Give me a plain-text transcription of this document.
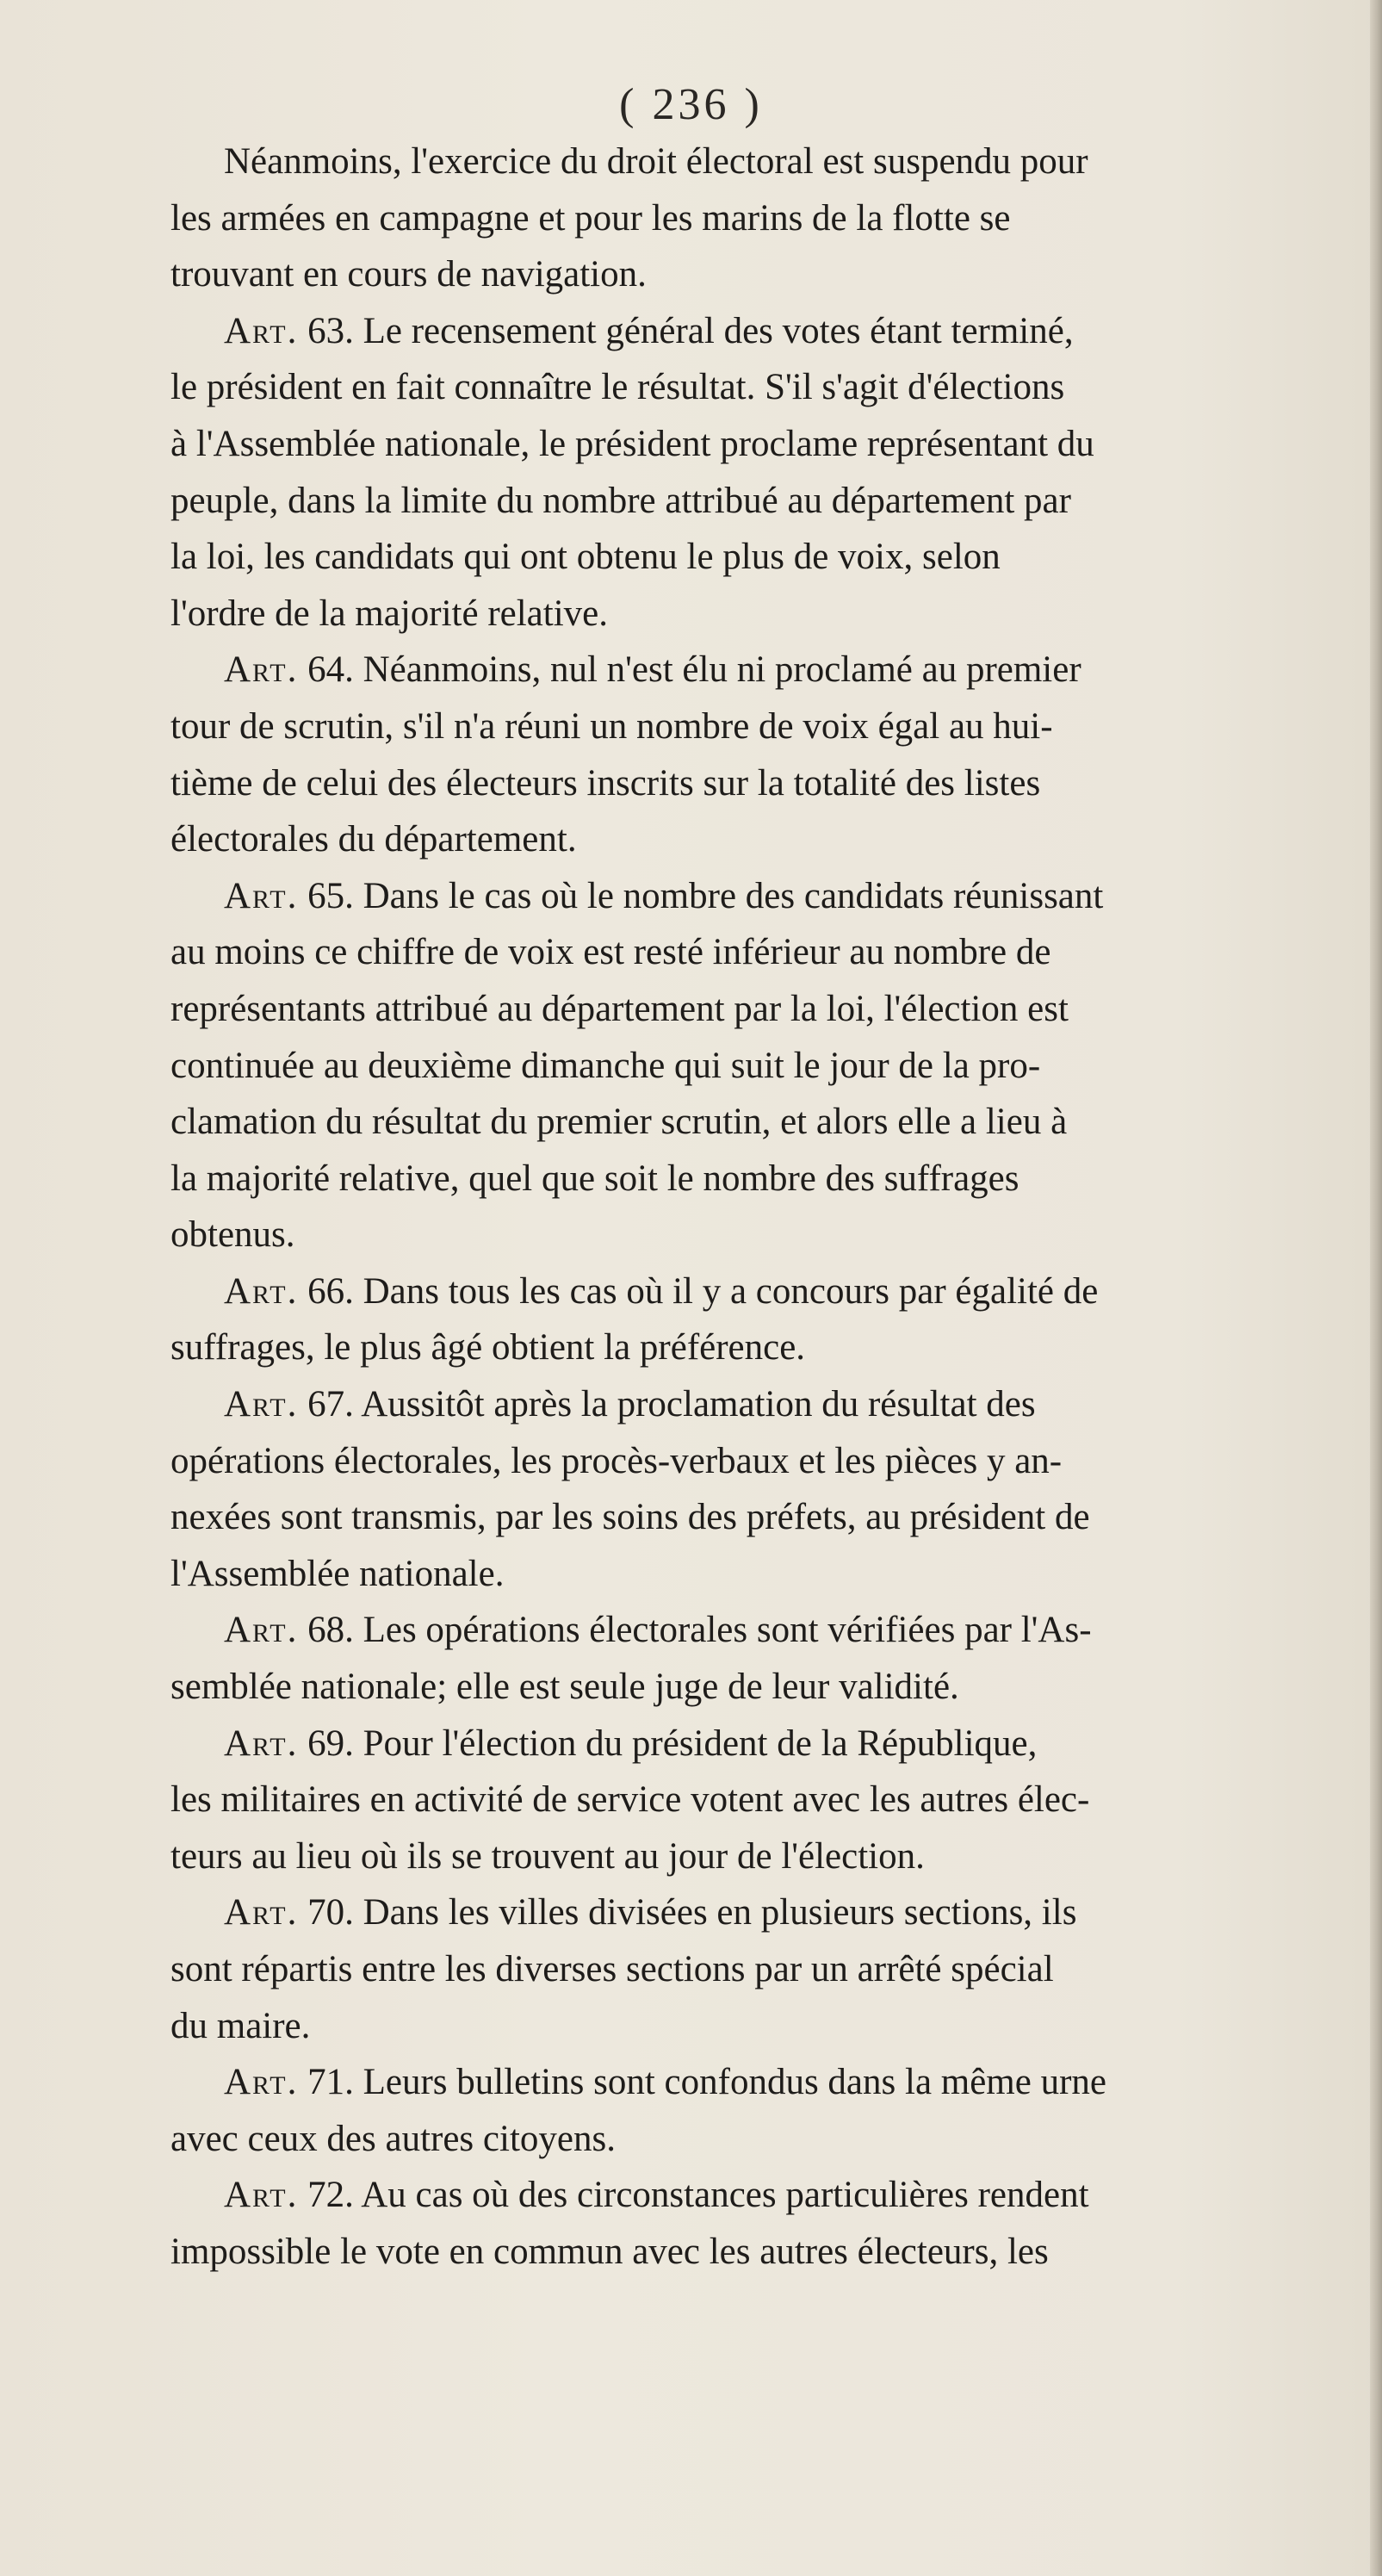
( 236 )
Néanmoins, l'exercice du droit électoral est suspendu pour
les armées en campagne et pour les marins de la flotte se
trouvant en cours de navigation.
Art. 63. Le recensement général des votes étant terminé,
le président en fait connaître le résultat. S'il s'agit d'élections
à l'Assemblée nationale, le président proclame représentant du
peuple, dans la limite du nombre attribué au département par
la loi, les candidats qui ont obtenu le plus de voix, selon
l'ordre de la majorité relative.
Art. 64. Néanmoins, nul n'est élu ni proclamé au premier
tour de scrutin, s'il n'a réuni un nombre de voix égal au hui-
tième de celui des électeurs inscrits sur la totalité des listes
électorales du département.
Art. 65. Dans le cas où le nombre des candidats réunissant
au moins ce chiffre de voix est resté inférieur au nombre de
représentants attribué au département par la loi, l'élection est
continuée au deuxième dimanche qui suit le jour de la pro-
clamation du résultat du premier scrutin, et alors elle a lieu à
la majorité relative, quel que soit le nombre des suffrages
obtenus.
Art. 66. Dans tous les cas où il y a concours par égalité de
suffrages, le plus âgé obtient la préférence.
Art. 67. Aussitôt après la proclamation du résultat des
opérations électorales, les procès-verbaux et les pièces y an-
nexées sont transmis, par les soins des préfets, au président de
l'Assemblée nationale.
Art. 68. Les opérations électorales sont vérifiées par l'As-
semblée nationale; elle est seule juge de leur validité.
Art. 69. Pour l'élection du président de la République,
les militaires en activité de service votent avec les autres élec-
teurs au lieu où ils se trouvent au jour de l'élection.
Art. 70. Dans les villes divisées en plusieurs sections, ils
sont répartis entre les diverses sections par un arrêté spécial
du maire.
Art. 71. Leurs bulletins sont confondus dans la même urne
avec ceux des autres citoyens.
Art. 72. Au cas où des circonstances particulières rendent
impossible le vote en commun avec les autres électeurs, les
